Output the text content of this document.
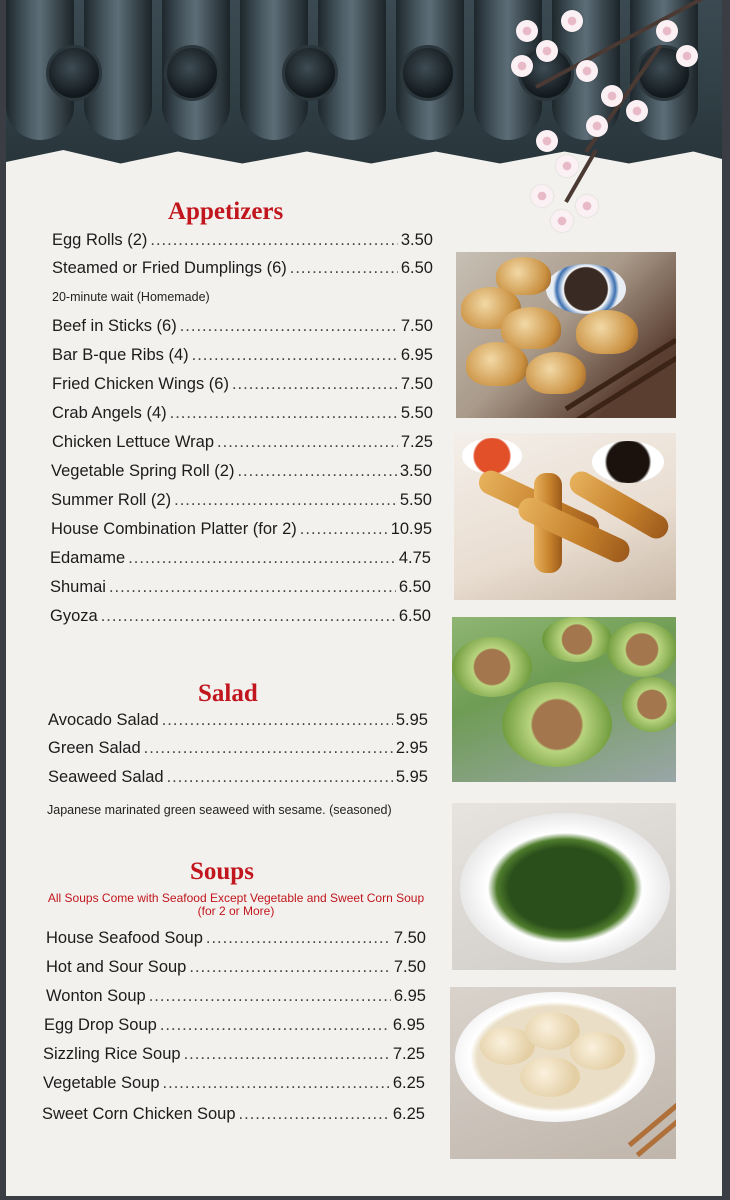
Appetizers
Egg Rolls (2) .....	3.50
Steamed or Fried Dumplings (6) .....	6.50

20-minute wait (Homemade)

Beef in Sticks (6) .....	7.50
Bar B-que Ribs (4) .....	6.95
Fried Chicken Wings (6) .....	7.50
Crab Angels (4) .....	5.50
Chicken Lettuce Wrap .....	7.25
Vegetable Spring Roll (2) .....	3.50
Summer Roll (2) .....	5.50
House Combination Platter (for 2) .....	10.95
Edamame .....	4.75
Shumai .....	6.50
Gyoza .....	6.50
Salad
Avocado Salad .....	5.95
Green Salad .....	2.95
Seaweed Salad .....	5.95

Japanese marinated green seaweed with sesame. (seasoned)

Soups

All Soups Come with Seafood Except Vegetable and Sweet Corn Soup
(for 2 or More)

House Seafood Soup .....	7.50
Hot and Sour Soup .....	7.50
Wonton Soup .....	6.95
Egg Drop Soup .....	6.95
Sizzling Rice Soup .....	7.25
Vegetable Soup .....	6.25
Sweet Corn Chicken Soup .....	6.25
